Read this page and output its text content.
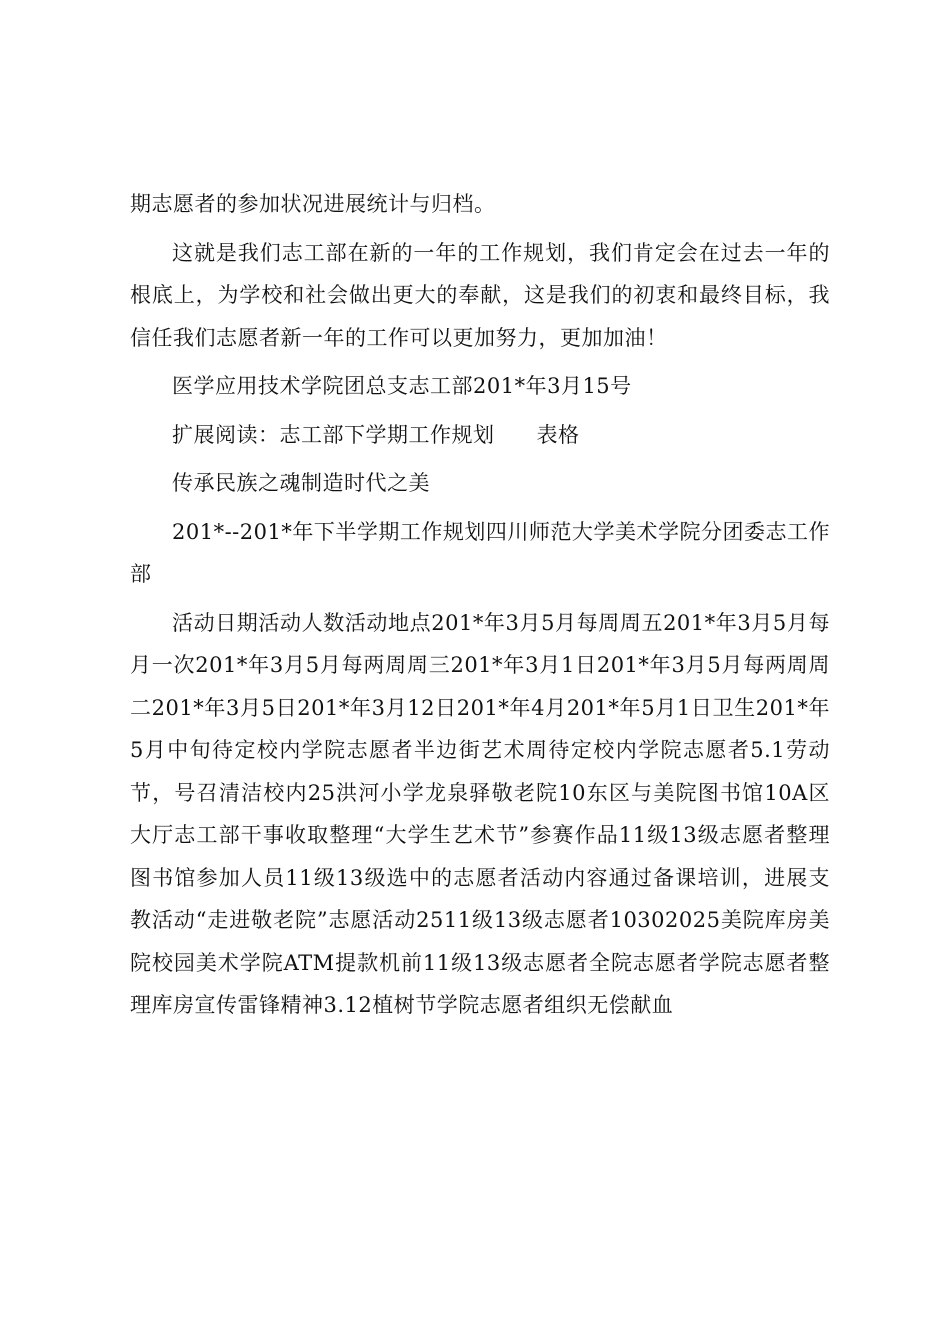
期志愿者的参加状况进展统计与归档。

这就是我们志工部在新的一年的工作规划，我们肯定会在过去一年的根底上，为学校和社会做出更大的奉献，这是我们的初衷和最终目标，我信任我们志愿者新一年的工作可以更加努力，更加加油！

医学应用技术学院团总支志工部201*年3月15号

扩展阅读：志工部下学期工作规划 表格

传承民族之魂制造时代之美

201*--201*年下半学期工作规划四川师范大学美术学院分团委志工作部

活动日期活动人数活动地点201*年3月5月每周周五201*年3月5月每月一次201*年3月5月每两周周三201*年3月1日201*年3月5月每两周周二201*年3月5日201*年3月12日201*年4月201*年5月1日卫生201*年5月中旬待定校内学院志愿者半边街艺术周待定校内学院志愿者5.1劳动节，号召清洁校内25洪河小学龙泉驿敬老院10东区与美院图书馆10A区大厅志工部干事收取整理“大学生艺术节”参赛作品11级13级志愿者整理图书馆参加人员11级13级选中的志愿者活动内容通过备课培训，进展支教活动“走进敬老院”志愿活动2511级13级志愿者10302025美院库房美院校园美术学院ATM提款机前11级13级志愿者全院志愿者学院志愿者整理库房宣传雷锋精神3.12植树节学院志愿者组织无偿献血
